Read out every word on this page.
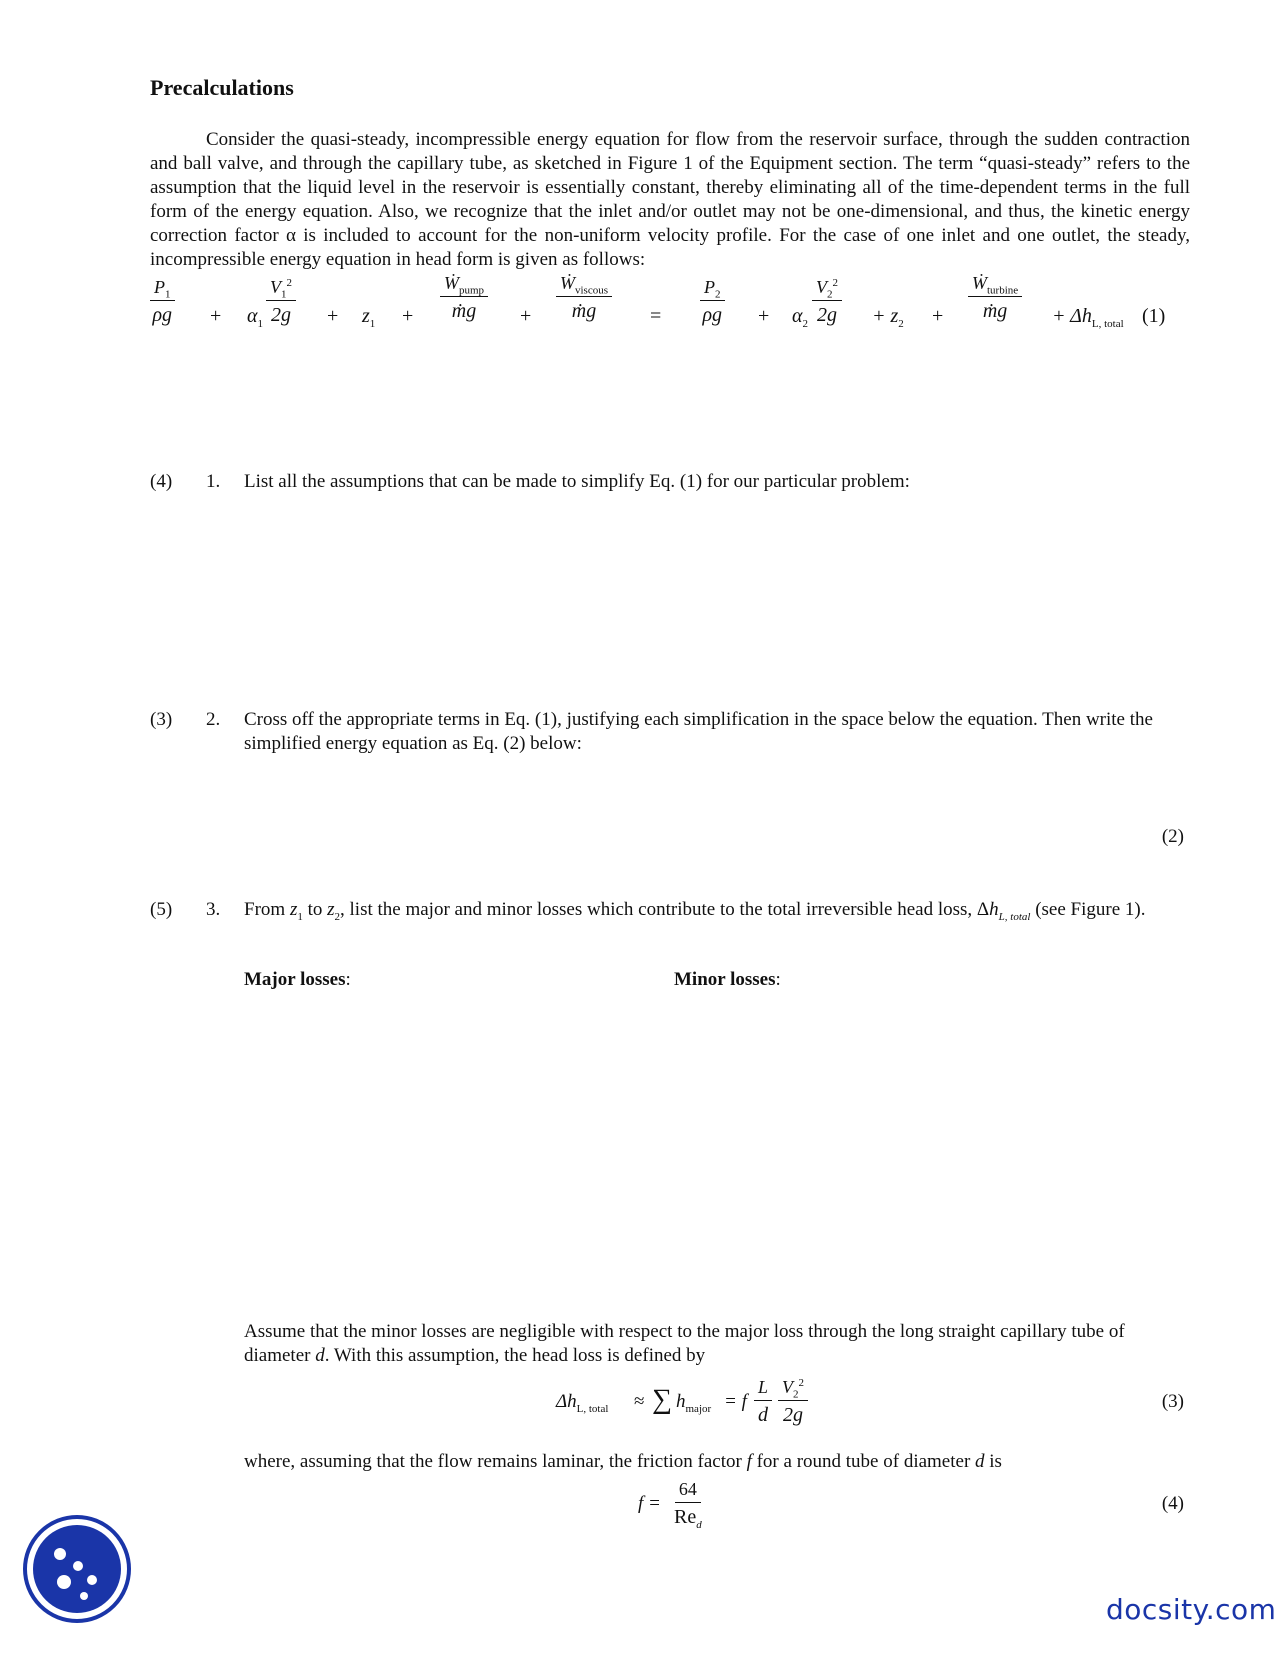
Precalculations

Consider the quasi-steady, incompressible energy equation for flow from the reservoir surface, through the sudden contraction and ball valve, and through the capillary tube, as sketched in Figure 1 of the Equipment section. The term “quasi-steady” refers to the assumption that the liquid level in the reservoir is essentially constant, thereby eliminating all of the time-dependent terms in the full form of the energy equation. Also, we recognize that the inlet and/or outlet may not be one-dimensional, and thus, the kinetic energy correction factor α is included to account for the non-uniform velocity profile. For the case of one inlet and one outlet, the steady, incompressible energy equation in head form is given as follows:

$\frac{P_1}{\rho g} + \alpha_1 \frac{V_1^2}{2g} + z_1$ +
Ẇ$_{pump}$
ṁg +
Ẇ$_{viscous}$
ṁg	= $\frac{P_2}{\rho g} + \alpha_2 \frac{V_2^2}{2g} + z_2$ +
Ẇ$_{turbine}$
ṁg + $\Delta h_{L, total}$ (1)
(4) 1. List all the assumptions that can be made to simplify Eq. (1) for our particular problem:
(3) 2. Cross off the appropriate terms in Eq. (1), justifying each simplification in the space below the equation. Then write the simplified energy equation as Eq. (2) below:
(2)
(5) 3. From $z_1$ to $z_2$, list the major and minor losses which contribute to the total irreversible head loss, $\Delta h_{L, total}$ (see Figure 1).
Major losses:	Minor losses:

Assume that the minor losses are negligible with respect to the major loss through the long straight capillary tube of diameter d. With this assumption, the head loss is defined by

$\Delta h_{L, total}$ ≈ ∑ $h_{major} = f \frac{L}{d} \frac{V_2^2}{2g}$	(3)

where, assuming that the flow remains laminar, the friction factor f for a round tube of diameter d is

f =
64
$Re_d$
(4)
docsity.com
